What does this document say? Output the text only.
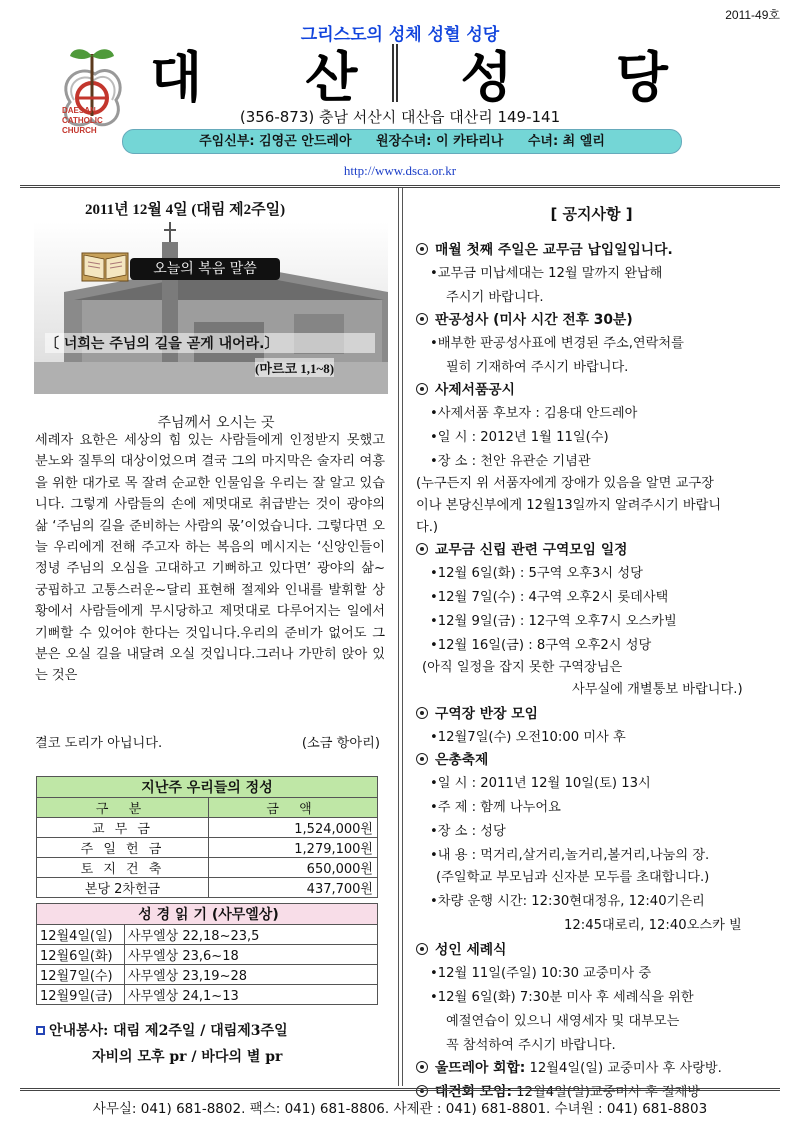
2011-49호
그리스도의 성체 성혈 성당
DAESAN CATHOLIC CHURCH
대 산 성 당
(356-873) 충남 서산시 대산읍 대산리 149-141
주임신부: 김영곤 안드레아 원장수녀: 이 카타리나 수녀: 최 엘리
http://www.dsca.or.kr
2011년 12월 4일 (대림 제2주일)
오늘의 복음 말씀
〔 너희는 주님의 길을 곧게 내어라.〕
(마르코 1,1~8)
주님께서 오시는 곳
세례자 요한은 세상의 힘 있는 사람들에게 인정받지 못했고 분노와 질투의 대상이었으며 결국 그의 마지막은 술자리 여흥을 위한 대가로 목 잘려 순교한 인물임을 우리는 잘 알고 있습니다. 그렇게 사람들의 손에 제멋대로 취급받는 것이 광야의 삶 ‘주님의 길을 준비하는 사람의 몫’이었습니다. 그렇다면 오늘 우리에게 전해 주고자 하는 복음의 메시지는 ‘신앙인들이 정녕 주님의 오심을 고대하고 기뻐하고 있다면’ 광야의 삶~궁핍하고 고통스러운~달리 표현해 절제와 인내를 발휘할 상황에서 사람들에게 무시당하고 제멋대로 다루어지는 일에서 기뻐할 수 있어야 한다는 것입니다.우리의 준비가 없어도 그분은 오실 길을 내달려 오실 것입니다.그러나 가만히 앉아 있는 것은
결코 도리가 아닙니다.	(소금 항아리)
지난주 우리들의 정성	
구 분	금 액
교 무 금	1,524,000원
주 일 헌 금	1,279,100원
토 지 건 축	650,000원
본당 2차헌금	437,700원
성 경 읽 기 (사무엘상)	
12월4일(일)	사무엘상 22,18~23,5
12월6일(화)	사무엘상 23,6~18
12월7일(수)	사무엘상 23,19~28
12월9일(금)	사무엘상 24,1~13
안내봉사: 대림 제2주일 / 대림제3주일
자비의 모후 pr / 바다의 별 pr
[ 공지사항 ]
매월 첫째 주일은 교무금 납입일입니다.
•교무금 미납세대는 12월 말까지 완납해
주시기 바랍니다.
판공성사 (미사 시간 전후 30분)
•배부한 판공성사표에 변경된 주소,연락처를
필히 기재하여 주시기 바랍니다.
사제서품공시
•사제서품 후보자 : 김용대 안드레아
•일 시 : 2012년 1월 11일(수)
•장 소 : 천안 유관순 기념관
(누구든지 위 서품자에게 장애가 있음을 알면 교구장
이나 본당신부에게 12월13일까지 알려주시기 바랍니
다.)
교무금 신립 관련 구역모임 일정
•12월 6일(화) : 5구역 오후3시 성당
•12월 7일(수) : 4구역 오후2시 롯데사택
•12월 9일(금) : 12구역 오후7시 오스카빌
•12월 16일(금) : 8구역 오후2시 성당
(아직 일정을 잡지 못한 구역장님은
사무실에 개별통보 바랍니다.)
구역장 반장 모임
•12월7일(수) 오전10:00 미사 후
은총축제
•일 시 : 2011년 12월 10일(토) 13시
•주 제 : 함께 나누어요
•장 소 : 성당
•내 용 : 먹거리,살거리,놀거리,볼거리,나눔의 장.
(주일학교 부모님과 신자분 모두를 초대합니다.)
•차량 운행 시간: 12:30현대정유, 12:40기은리
12:45대로리, 12:40오스카 빌
성인 세례식
•12월 11일(주일) 10:30 교중미사 중
•12월 6일(화) 7:30분 미사 후 세례식을 위한
예절연습이 있으니 새영세자 및 대부모는
꼭 참석하여 주시기 바랍니다.
울뜨레아 회합: 12월4일(일) 교중미사 후 사랑방.
대건회 모임: 12월4일(일)교중미사 후 절제방
사무실: 041) 681-8802. 팩스: 041) 681-8806. 사제관 : 041) 681-8801. 수녀원 : 041) 681-8803
